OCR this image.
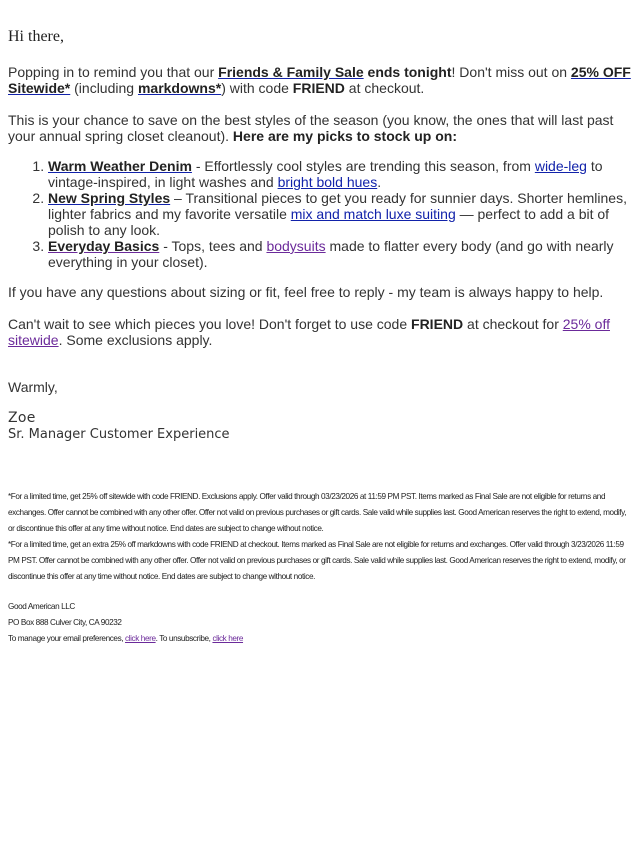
Hi there,
Popping in to remind you that our Friends & Family Sale ends tonight! Don't miss out on 25% OFF Sitewide* (including markdowns*) with code FRIEND at checkout.
This is your chance to save on the best styles of the season (you know, the ones that will last past your annual spring closet cleanout). Here are my picks to stock up on:
1. Warm Weather Denim - Effortlessly cool styles are trending this season, from wide-leg to vintage-inspired, in light washes and bright bold hues.
2. New Spring Styles – Transitional pieces to get you ready for sunnier days. Shorter hemlines, lighter fabrics and my favorite versatile mix and match luxe suiting — perfect to add a bit of polish to any look.
3. Everyday Basics - Tops, tees and bodysuits made to flatter every body (and go with nearly everything in your closet).
If you have any questions about sizing or fit, feel free to reply - my team is always happy to help.
Can't wait to see which pieces you love! Don't forget to use code FRIEND at checkout for 25% off sitewide. Some exclusions apply.
Warmly,
Zoe
Sr. Manager Customer Experience

*For a limited time, get 25% off sitewide with code FRIEND. Exclusions apply. Offer valid through 03/23/2026 at 11:59 PM PST. Items marked as Final Sale are not eligible for returns and exchanges. Offer cannot be combined with any other offer. Offer not valid on previous purchases or gift cards. Sale valid while supplies last. Good American reserves the right to extend, modify, or discontinue this offer at any time without notice. End dates are subject to change without notice.

*For a limited time, get an extra 25% off markdowns with code FRIEND at checkout. Items marked as Final Sale are not eligible for returns and exchanges. Offer valid through 3/23/2026 11:59 PM PST. Offer cannot be combined with any other offer. Offer not valid on previous purchases or gift cards. Sale valid while supplies last. Good American reserves the right to extend, modify, or discontinue this offer at any time without notice. End dates are subject to change without notice.

Good American LLC

PO Box 888 Culver City, CA 90232

To manage your email preferences, click here. To unsubscribe, click here
